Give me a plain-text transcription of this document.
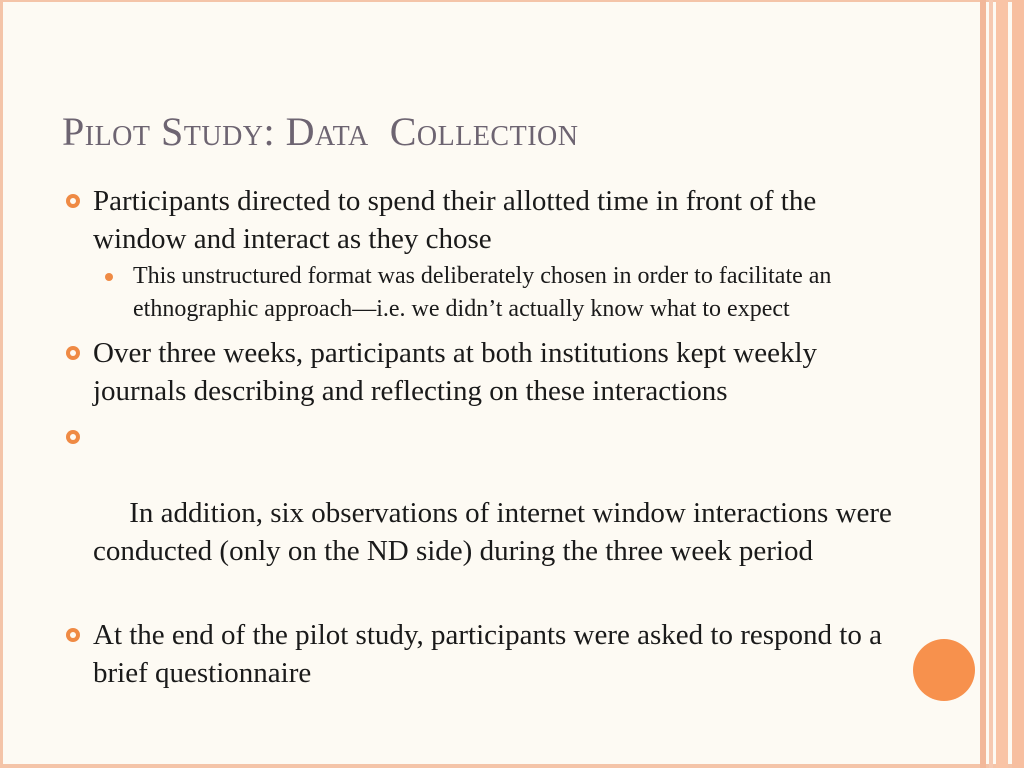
Pilot Study: Data  Collection
Participants directed to spend their allotted time in front of the window and interact as they chose
This unstructured format was deliberately chosen in order to facilitate an ethnographic approach—i.e. we didn’t actually know what to expect
Over three weeks, participants at both institutions kept weekly journals describing and reflecting on these interactions

In addition, six observations of internet window interactions were conducted (only on the ND side) during the three week period

At the end of the pilot study, participants were asked to respond to a brief questionnaire
